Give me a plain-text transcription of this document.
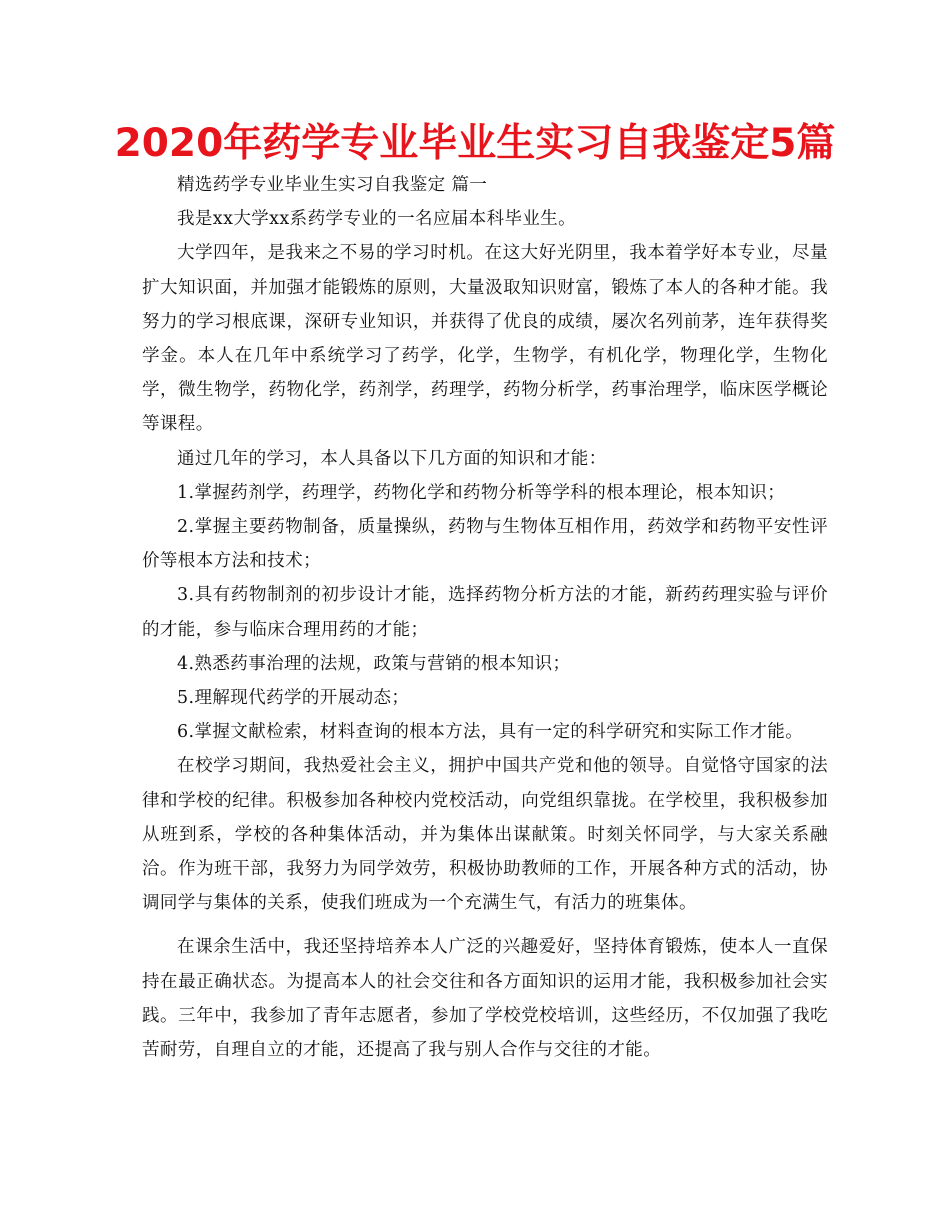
2020年药学专业毕业生实习自我鉴定5篇

精选药学专业毕业生实习自我鉴定 篇一

我是xx大学xx系药学专业的一名应届本科毕业生。

大学四年，是我来之不易的学习时机。在这大好光阴里，我本着学好本专业，尽量扩大知识面，并加强才能锻炼的原则，大量汲取知识财富，锻炼了本人的各种才能。我努力的学习根底课，深研专业知识，并获得了优良的成绩，屡次名列前茅，连年获得奖学金。本人在几年中系统学习了药学，化学，生物学，有机化学，物理化学，生物化学，微生物学，药物化学，药剂学，药理学，药物分析学，药事治理学，临床医学概论等课程。

通过几年的学习，本人具备以下几方面的知识和才能：

1.掌握药剂学，药理学，药物化学和药物分析等学科的根本理论，根本知识；

2.掌握主要药物制备，质量操纵，药物与生物体互相作用，药效学和药物平安性评价等根本方法和技术；

3.具有药物制剂的初步设计才能，选择药物分析方法的才能，新药药理实验与评价的才能，参与临床合理用药的才能；

4.熟悉药事治理的法规，政策与营销的根本知识；

5.理解现代药学的开展动态；

6.掌握文献检索，材料查询的根本方法，具有一定的科学研究和实际工作才能。

在校学习期间，我热爱社会主义，拥护中国共产党和他的领导。自觉恪守国家的法律和学校的纪律。积极参加各种校内党校活动，向党组织靠拢。在学校里，我积极参加从班到系，学校的各种集体活动，并为集体出谋献策。时刻关怀同学，与大家关系融洽。作为班干部，我努力为同学效劳，积极协助教师的工作，开展各种方式的活动，协调同学与集体的关系，使我们班成为一个充满生气，有活力的班集体。

在课余生活中，我还坚持培养本人广泛的兴趣爱好，坚持体育锻炼，使本人一直保持在最正确状态。为提高本人的社会交往和各方面知识的运用才能，我积极参加社会实践。三年中，我参加了青年志愿者，参加了学校党校培训，这些经历，不仅加强了我吃苦耐劳，自理自立的才能，还提高了我与别人合作与交往的才能。
